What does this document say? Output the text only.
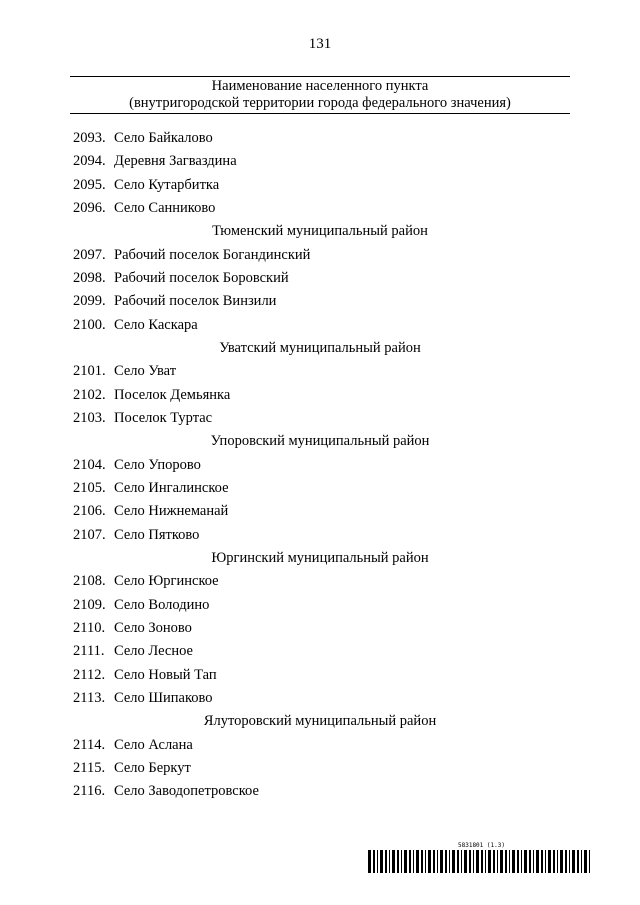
131
Наименование населенного пункта
(внутригородской территории города федерального значения)
2093. Село Байкалово
2094. Деревня Загваздина
2095. Село Кутарбитка
2096. Село Санниково
Тюменский муниципальный район
2097. Рабочий поселок Богандинский
2098. Рабочий поселок Боровский
2099. Рабочий поселок Винзили
2100. Село Каскара
Уватский муниципальный район
2101. Село Уват
2102. Поселок Демьянка
2103. Поселок Туртас
Упоровский муниципальный район
2104. Село Упорово
2105. Село Ингалинское
2106. Село Нижнеманай
2107. Село Пятково
Юргинский муниципальный район
2108. Село Юргинское
2109. Село Володино
2110. Село Зоново
2111. Село Лесное
2112. Село Новый Тап
2113. Село Шипаково
Ялуторовский муниципальный район
2114. Село Аслана
2115. Село Беркут
2116. Село Заводопетровское
5831801 (1.3)
